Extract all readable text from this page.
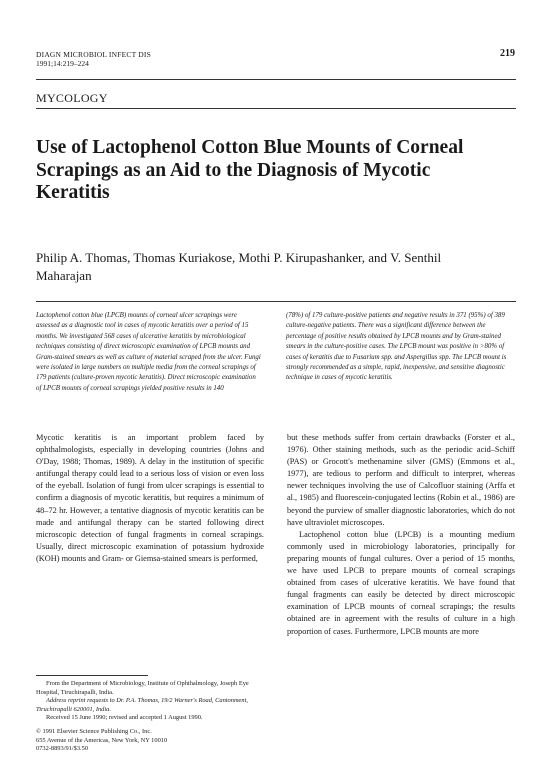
DIAGN MICROBIOL INFECT DIS
1991;14:219–224
219
MYCOLOGY
Use of Lactophenol Cotton Blue Mounts of Corneal Scrapings as an Aid to the Diagnosis of Mycotic Keratitis
Philip A. Thomas, Thomas Kuriakose, Mothi P. Kirupashanker, and V. Senthil Maharajan
Lactophenol cotton blue (LPCB) mounts of corneal ulcer scrapings were assessed as a diagnostic tool in cases of mycotic keratitis over a period of 15 months. We investigated 568 cases of ulcerative keratitis by microbiological techniques consisting of direct microscopic examination of LPCB mounts and Gram-stained smears as well as culture of material scraped from the ulcer. Fungi were isolated in large numbers on multiple media from the corneal scrapings of 179 patients (culture-proven mycotic keratitis). Direct microscopic examination of LPCB mounts of corneal scrapings yielded positive results in 140
(78%) of 179 culture-positive patients and negative results in 371 (95%) of 389 culture-negative patients. There was a significant difference between the percentage of positive results obtained by LPCB mounts and by Gram-stained smears in the culture-positive cases. The LPCB mount was positive in >80% of cases of keratitis due to Fusarium spp. and Aspergillus spp. The LPCB mount is strongly recommended as a simple, rapid, inexpensive, and sensitive diagnostic technique in cases of mycotic keratitis.
Mycotic keratitis is an important problem faced by ophthalmologists, especially in developing countries (Johns and O'Day, 1988; Thomas, 1989). A delay in the institution of specific antifungal therapy could lead to a serious loss of vision or even loss of the eyeball. Isolation of fungi from ulcer scrapings is essential to confirm a diagnosis of mycotic keratitis, but requires a minimum of 48–72 hr. However, a tentative diagnosis of mycotic keratitis can be made and antifungal therapy can be started following direct microscopic detection of fungal fragments in corneal scrapings. Usually, direct microscopic examination of potassium hydroxide (KOH) mounts and Gram- or Giemsa-stained smears is performed,
but these methods suffer from certain drawbacks (Forster et al., 1976). Other staining methods, such as the periodic acid–Schiff (PAS) or Grocott's methenamine silver (GMS) (Emmons et al., 1977), are tedious to perform and difficult to interpret, whereas newer techniques involving the use of Calcofluor staining (Arffa et al., 1985) and fluorescein-conjugated lectins (Robin et al., 1986) are beyond the purview of smaller diagnostic laboratories, which do not have ultraviolet microscopes.
Lactophenol cotton blue (LPCB) is a mounting medium commonly used in microbiology laboratories, principally for preparing mounts of fungal cultures. Over a period of 15 months, we have used LPCB to prepare mounts of corneal scrapings obtained from cases of ulcerative keratitis. We have found that fungal fragments can easily be detected by direct microscopic examination of LPCB mounts of corneal scrapings; the results obtained are in agreement with the results of culture in a high proportion of cases. Furthermore, LPCB mounts are more

From the Department of Microbiology, Institute of Ophthalmology, Joseph Eye Hospital, Tiruchirapalli, India.

Address reprint requests to Dr. P.A. Thomas, 19/2 Warner's Road, Cantonment, Tiruchirapalli 620001, India.

Received 15 June 1990; revised and accepted 1 August 1990.

© 1991 Elsevier Science Publishing Co., Inc.

655 Avenue of the Americas, New York, NY 10010

0732-8893/91/$3.50
